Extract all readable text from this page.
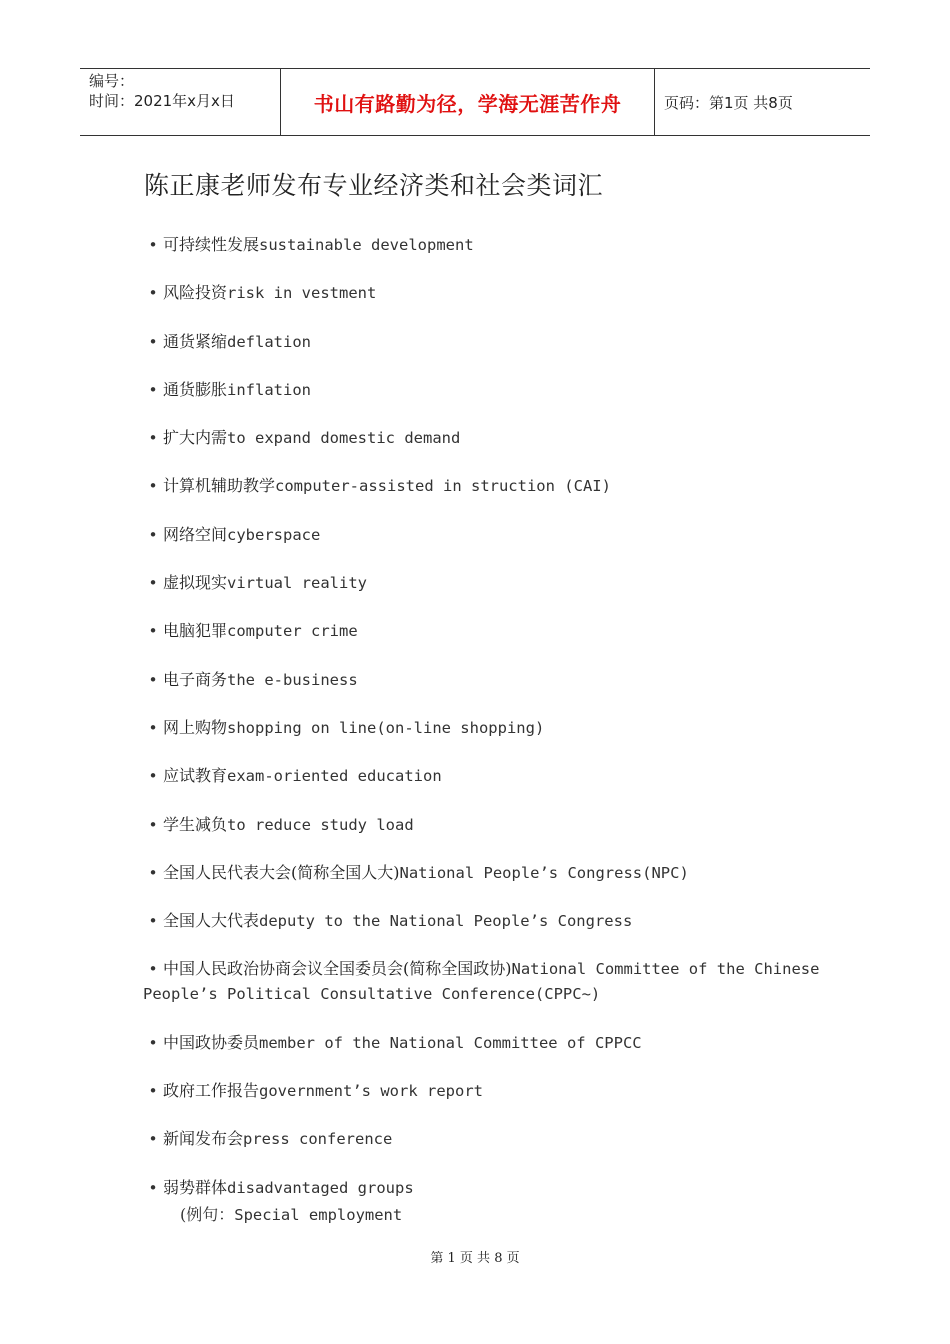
编号：
时间：2021年x月x日	书山有路勤为径，学海无涯苦作舟	页码：第1页 共8页
陈正康老师发布专业经济类和社会类词汇
• 可持续性发展sustainable development
• 风险投资risk in vestment
• 通货紧缩deflation
• 通货膨胀inflation
• 扩大内需to expand domestic demand
• 计算机辅助教学computer-assisted in struction (CAI)
• 网络空间cyberspace
• 虚拟现实virtual reality
• 电脑犯罪computer crime
• 电子商务the e-business
• 网上购物shopping on line(on-line shopping)
• 应试教育exam-oriented education
• 学生减负to reduce study load
• 全国人民代表大会(简称全国人大)National People’s Congress(NPC)
• 全国人大代表deputy to the National People’s Congress
• 中国人民政治协商会议全国委员会(简称全国政协)National Committee of the Chinese People’s Political Consultative Conference(CPPC~)
• 中国政协委员member of the National Committee of CPPCC
• 政府工作报告government’s work report
• 新闻发布会press conference
• 弱势群体disadvantaged groups
(例句：Special employment
第 1 页 共 8 页
